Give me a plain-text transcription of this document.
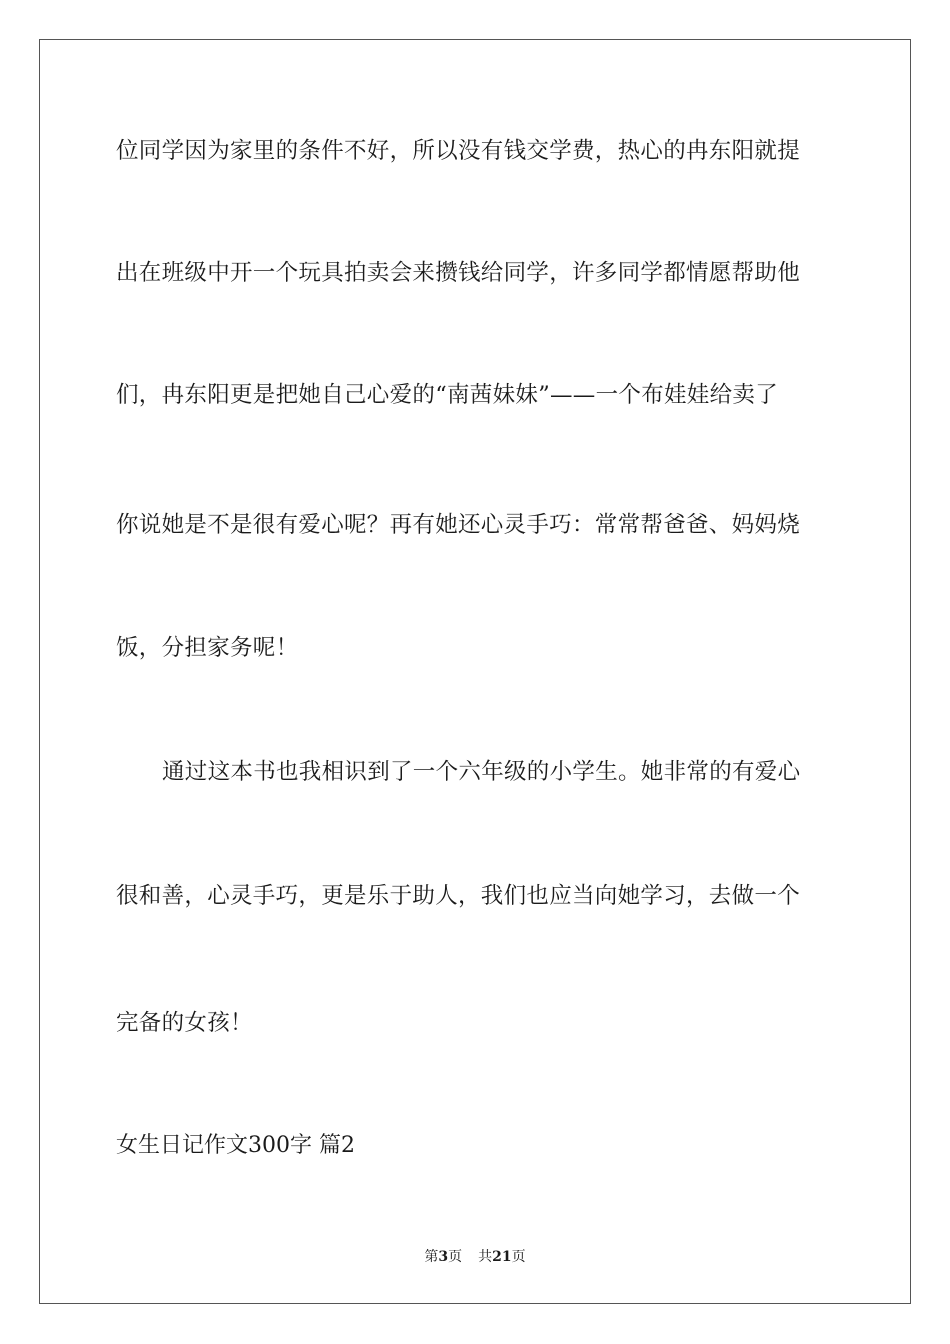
位同学因为家里的条件不好，所以没有钱交学费，热心的冉东阳就提
出在班级中开一个玩具拍卖会来攒钱给同学，许多同学都情愿帮助他
们，冉东阳更是把她自己心爱的“南茜妹妹”——一个布娃娃给卖了
你说她是不是很有爱心呢？再有她还心灵手巧：常常帮爸爸、妈妈烧
饭，分担家务呢！
通过这本书也我相识到了一个六年级的小学生。她非常的有爱心
很和善，心灵手巧，更是乐于助人，我们也应当向她学习，去做一个
完备的女孩！
女生日记作文300字 篇2
第3页 共21页
